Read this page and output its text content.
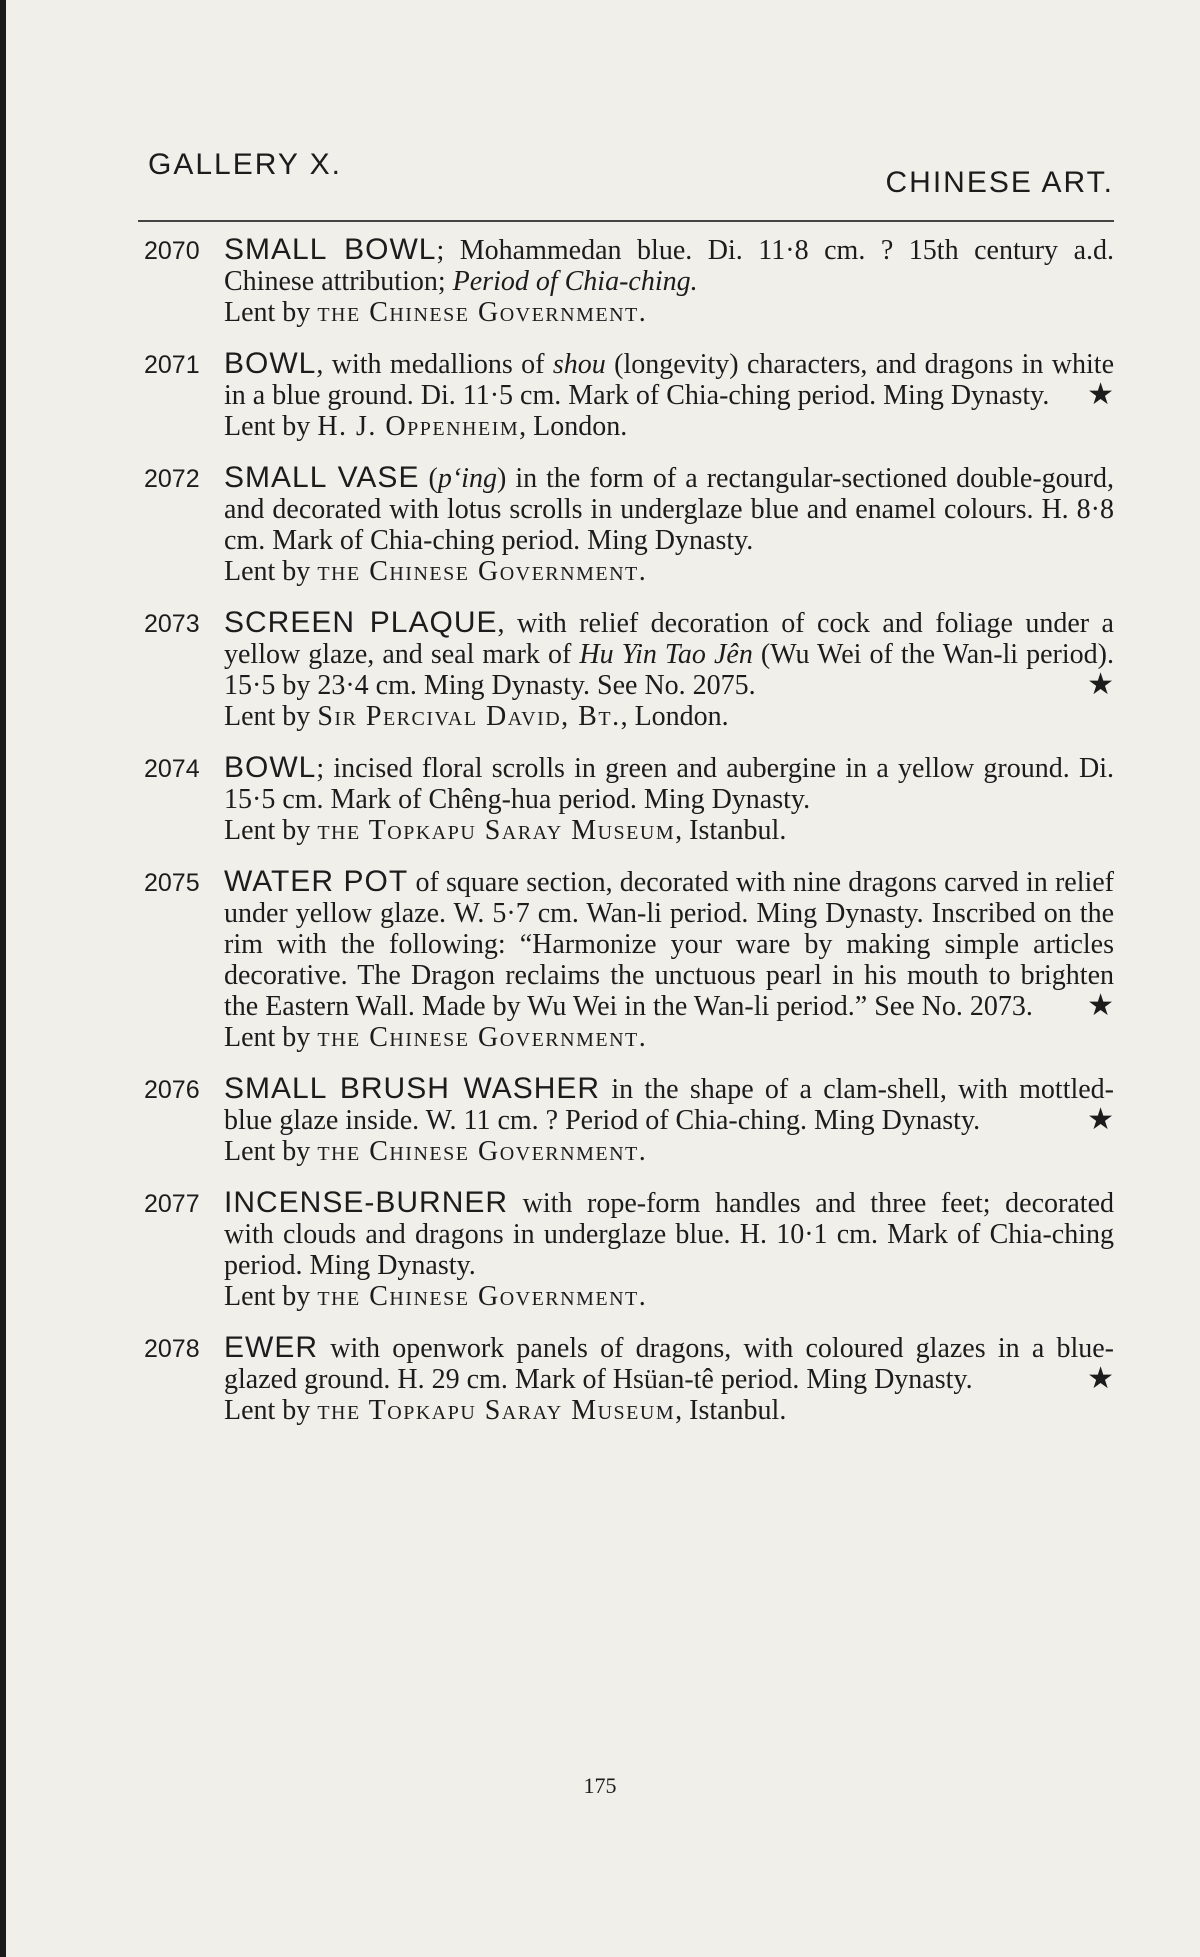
GALLERY X.
CHINESE ART.
2070 SMALL BOWL; Mohammedan blue. Di. 11·8 cm. ? 15th century a.d. Chinese attribution; Period of Chia-ching.
Lent by the Chinese Government.
2071 BOWL, with medallions of shou (longevity) characters, and dragons in white in a blue ground. Di. 11·5 cm. Mark of Chia-ching period. Ming Dynasty.
Lent by H. J. Oppenheim, London.
★
2072 SMALL VASE (p‘ing) in the form of a rectangular-sectioned double-gourd, and decorated with lotus scrolls in underglaze blue and enamel colours. H. 8·8 cm. Mark of Chia-ching period. Ming Dynasty.
Lent by the Chinese Government.
2073 SCREEN PLAQUE, with relief decoration of cock and foliage under a yellow glaze, and seal mark of Hu Yin Tao Jên (Wu Wei of the Wan-li period). 15·5 by 23·4 cm. Ming Dynasty. See No. 2075.
Lent by Sir Percival David, Bt., London.
★
2074 BOWL; incised floral scrolls in green and aubergine in a yellow ground. Di. 15·5 cm. Mark of Chêng-hua period. Ming Dynasty.
Lent by the Topkapu Saray Museum, Istanbul.
2075 WATER POT of square section, decorated with nine dragons carved in relief under yellow glaze. W. 5·7 cm. Wan-li period. Ming Dynasty. Inscribed on the rim with the following: “Harmonize your ware by making simple articles decorative. The Dragon reclaims the unctuous pearl in his mouth to brighten the Eastern Wall. Made by Wu Wei in the Wan-li period.” See No. 2073.
Lent by the Chinese Government.
★
2076 SMALL BRUSH WASHER in the shape of a clam-shell, with mottled-blue glaze inside. W. 11 cm. ? Period of Chia-ching. Ming Dynasty.
Lent by the Chinese Government.
★
2077 INCENSE-BURNER with rope-form handles and three feet; decorated with clouds and dragons in underglaze blue. H. 10·1 cm. Mark of Chia-ching period. Ming Dynasty.
Lent by the Chinese Government.
2078 EWER with openwork panels of dragons, with coloured glazes in a blue-glazed ground. H. 29 cm. Mark of Hsüan-tê period. Ming Dynasty.
Lent by the Topkapu Saray Museum, Istanbul.
★
175
